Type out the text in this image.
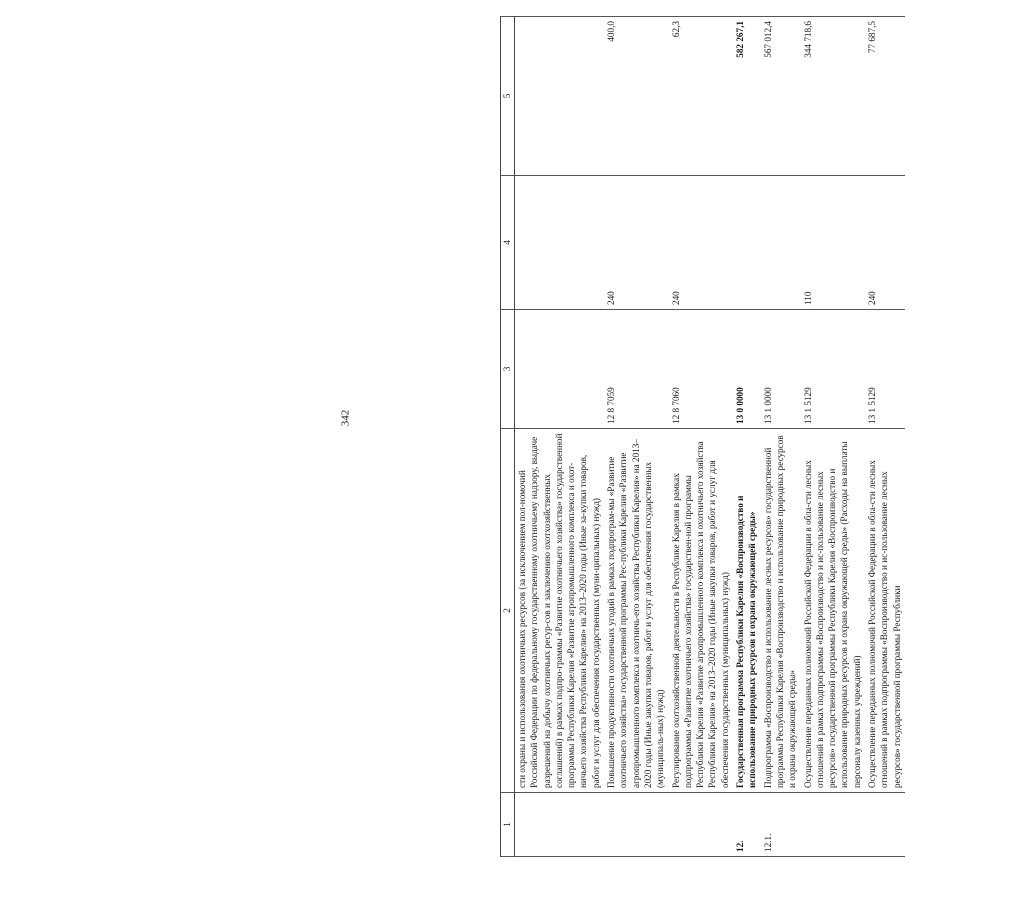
342
1	2	3	4	5
	сти охраны и использования охотничьих ресурсов (за исключением пол-номочий Российской Федерации по федеральному государственному охотничьему надзору, выдаче разрешений на добычу охотничьих ресур-сов и заключению охотхозяйственных соглашений) в рамках подпро-граммы «Развитие охотничьего хозяйства» государственной программы Республики Карелия «Развитие агропромышленного комплекса и охот-ничьего хозяйства Республики Карелия» на 2013–2020 годы (Иные за-купки товаров, работ и услуг для обеспечения государственных (муни-ципальных) нужд)			
	Повышение продуктивности охотничьих угодий в рамках подпрограм-мы «Развитие охотничьего хозяйства» государственной программы Рес-публики Карелия «Развитие агропромышленного комплекса и охотничь-его хозяйства Республики Карелия» на 2013–2020 годы (Иные закупки товаров, работ и услуг для обеспечения государственных (муниципаль-ных) нужд)	12 8 7059	240	400,0
	Регулирование охотхозяйственной деятельности в Республике Карелия в рамках подпрограммы «Развитие охотничьего хозяйства» государствен-ной программы Республики Карелия «Развитие агропромышленного комплекса и охотничьего хозяйства Республики Карелия» на 2013–2020 годы (Иные закупки товаров, работ и услуг для обеспечения государственных (муниципальных) нужд)	12 8 7060	240	62,3
12.	Государственная программа Республики Карелия «Воспроизводство и использование природных ресурсов и охрана окружающей среды»	13 0 0000		582 267,1
12.1.	Подпрограмма «Воспроизводство и использование лесных ресурсов» государственной программы Республики Карелия «Воспроизводство и использование природных ресурсов и охрана окружающей среды»	13 1 0000		567 012,4
	Осуществление переданных полномочий Российской Федерации в обла-сти лесных отношений в рамках подпрограммы «Воспроизводство и ис-пользование лесных ресурсов» государственной программы Республики Карелия «Воспроизводство и использование природных ресурсов и охрана окружающей среды» (Расходы на выплаты персоналу казенных учреждений)	13 1 5129	110	344 718,6
	Осуществление переданных полномочий Российской Федерации в обла-сти лесных отношений в рамках подпрограммы «Воспроизводство и ис-пользование лесных ресурсов» государственной программы Республики	13 1 5129	240	77 687,5
